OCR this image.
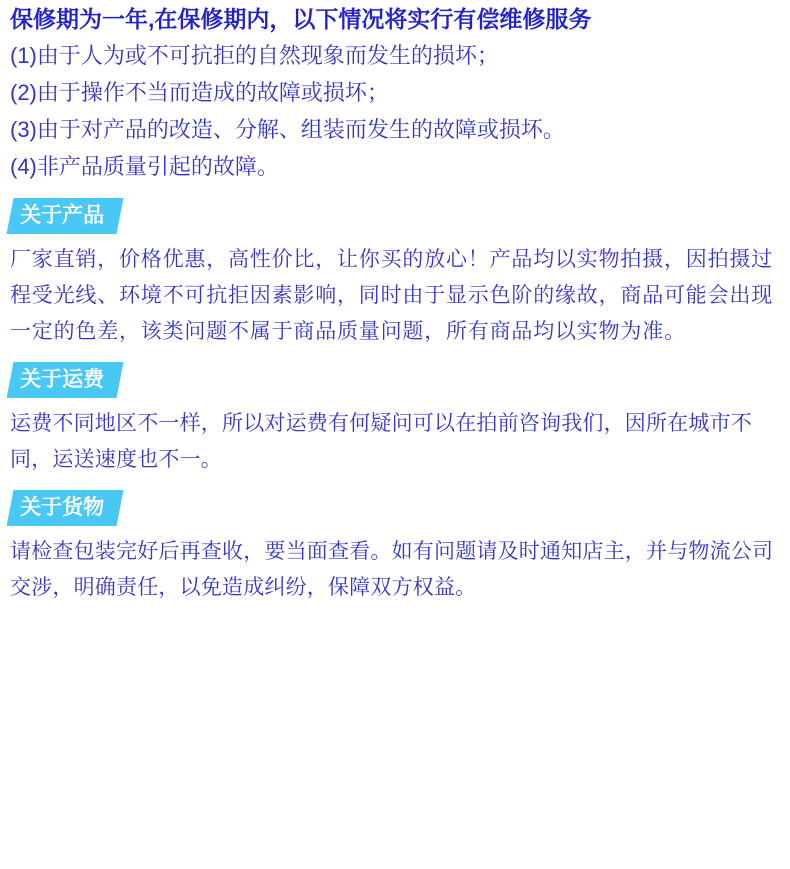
保修期为一年,在保修期内，以下情况将实行有偿维修服务
(1)由于人为或不可抗拒的自然现象而发生的损坏；
(2)由于操作不当而造成的故障或损坏；
(3)由于对产品的改造、分解、组装而发生的故障或损坏。
(4)非产品质量引起的故障。
关于产品

厂家直销，价格优惠，高性价比，让你买的放心！产品均以实物拍摄，因拍摄过程受光线、环境不可抗拒因素影响，同时由于显示色阶的缘故，商品可能会出现一定的色差，该类问题不属于商品质量问题，所有商品均以实物为准。

关于运费

运费不同地区不一样，所以对运费有何疑问可以在拍前咨询我们，因所在城市不同，运送速度也不一。

关于货物

请检查包装完好后再查收，要当面查看。如有问题请及时通知店主，并与物流公司交涉，明确责任，以免造成纠纷，保障双方权益。
